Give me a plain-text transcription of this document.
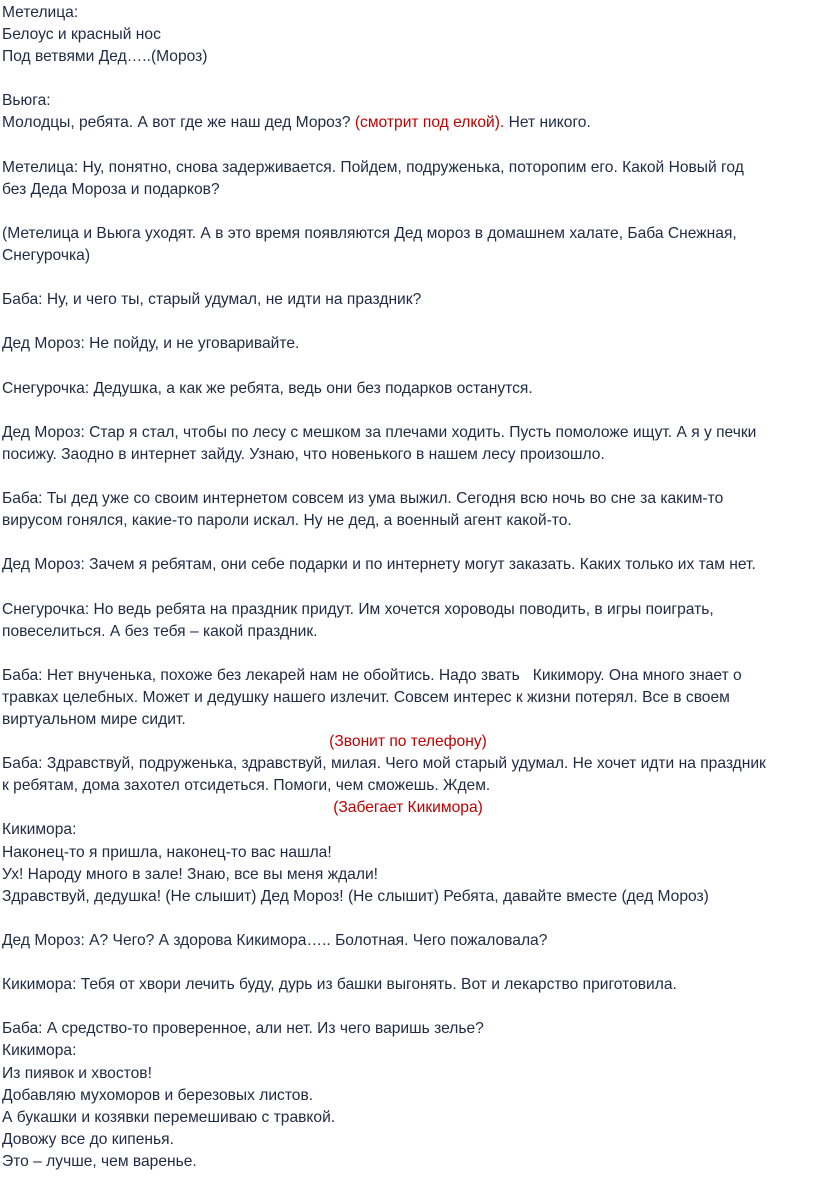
Метелица:
Белоус и красный нос
Под ветвями Дед…..(Мороз)
Вьюга:
Молодцы, ребята. А вот где же наш дед Мороз? (смотрит под елкой). Нет никого.
Метелица: Ну, понятно, снова задерживается. Пойдем, подруженька, поторопим его. Какой Новый год
без Деда Мороза и подарков?
(Метелица и Вьюга уходят. А в это время появляются Дед мороз в домашнем халате, Баба Снежная,
Снегурочка)
Баба: Ну, и чего ты, старый удумал, не идти на праздник?
Дед Мороз: Не пойду, и не уговаривайте.
Снегурочка: Дедушка, а как же ребята, ведь они без подарков останутся.
Дед Мороз: Стар я стал, чтобы по лесу с мешком за плечами ходить. Пусть помоложе ищут. А я у печки
посижу. Заодно в интернет зайду. Узнаю, что новенького в нашем лесу произошло.
Баба: Ты дед уже со своим интернетом совсем из ума выжил. Сегодня всю ночь во сне за каким-то
вирусом гонялся, какие-то пароли искал. Ну не дед, а военный агент какой-то.
Дед Мороз: Зачем я ребятам, они себе подарки и по интернету могут заказать. Каких только их там нет.
Снегурочка: Но ведь ребята на праздник придут. Им хочется хороводы поводить, в игры поиграть,
повеселиться. А без тебя – какой праздник.
Баба: Нет внученька, похоже без лекарей нам не обойтись. Надо звать   Кикимору. Она много знает о
травках целебных. Может и дедушку нашего излечит. Совсем интерес к жизни потерял. Все в своем
виртуальном мире сидит.
(Звонит по телефону)
Баба: Здравствуй, подруженька, здравствуй, милая. Чего мой старый удумал. Не хочет идти на праздник
к ребятам, дома захотел отсидеться. Помоги, чем сможешь. Ждем.
(Забегает Кикимора)
Кикимора:
Наконец-то я пришла, наконец-то вас нашла!
Ух! Народу много в зале! Знаю, все вы меня ждали!
Здравствуй, дедушка! (Не слышит) Дед Мороз! (Не слышит) Ребята, давайте вместе (дед Мороз)
Дед Мороз: А? Чего? А здорова Кикимора….. Болотная. Чего пожаловала?
Кикимора: Тебя от хвори лечить буду, дурь из башки выгонять. Вот и лекарство приготовила.
Баба: А средство-то проверенное, али нет. Из чего варишь зелье?
Кикимора:
Из пиявок и хвостов!
Добавляю мухоморов и березовых листов.
А букашки и козявки перемешиваю с травкой.
Довожу все до кипенья.
Это – лучше, чем варенье.
